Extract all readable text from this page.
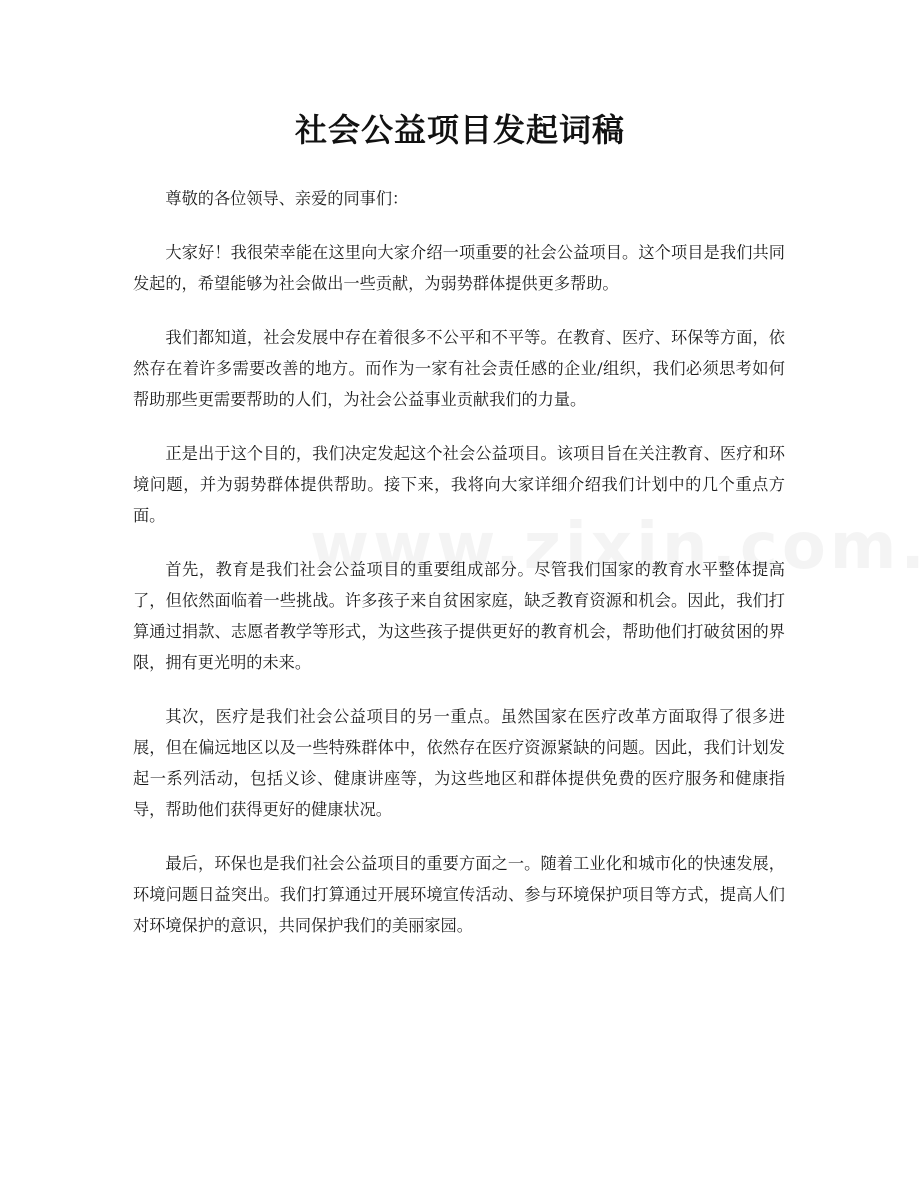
社会公益项目发起词稿

尊敬的各位领导、亲爱的同事们：

大家好！我很荣幸能在这里向大家介绍一项重要的社会公益项目。这个项目是我们共同发起的，希望能够为社会做出一些贡献，为弱势群体提供更多帮助。

我们都知道，社会发展中存在着很多不公平和不平等。在教育、医疗、环保等方面，依然存在着许多需要改善的地方。而作为一家有社会责任感的企业/组织，我们必须思考如何帮助那些更需要帮助的人们，为社会公益事业贡献我们的力量。

正是出于这个目的，我们决定发起这个社会公益项目。该项目旨在关注教育、医疗和环境问题，并为弱势群体提供帮助。接下来，我将向大家详细介绍我们计划中的几个重点方面。

首先，教育是我们社会公益项目的重要组成部分。尽管我们国家的教育水平整体提高了，但依然面临着一些挑战。许多孩子来自贫困家庭，缺乏教育资源和机会。因此，我们打算通过捐款、志愿者教学等形式，为这些孩子提供更好的教育机会，帮助他们打破贫困的界限，拥有更光明的未来。

其次，医疗是我们社会公益项目的另一重点。虽然国家在医疗改革方面取得了很多进展，但在偏远地区以及一些特殊群体中，依然存在医疗资源紧缺的问题。因此，我们计划发起一系列活动，包括义诊、健康讲座等，为这些地区和群体提供免费的医疗服务和健康指导，帮助他们获得更好的健康状况。

最后，环保也是我们社会公益项目的重要方面之一。随着工业化和城市化的快速发展，环境问题日益突出。我们打算通过开展环境宣传活动、参与环境保护项目等方式，提高人们对环境保护的意识，共同保护我们的美丽家园。
